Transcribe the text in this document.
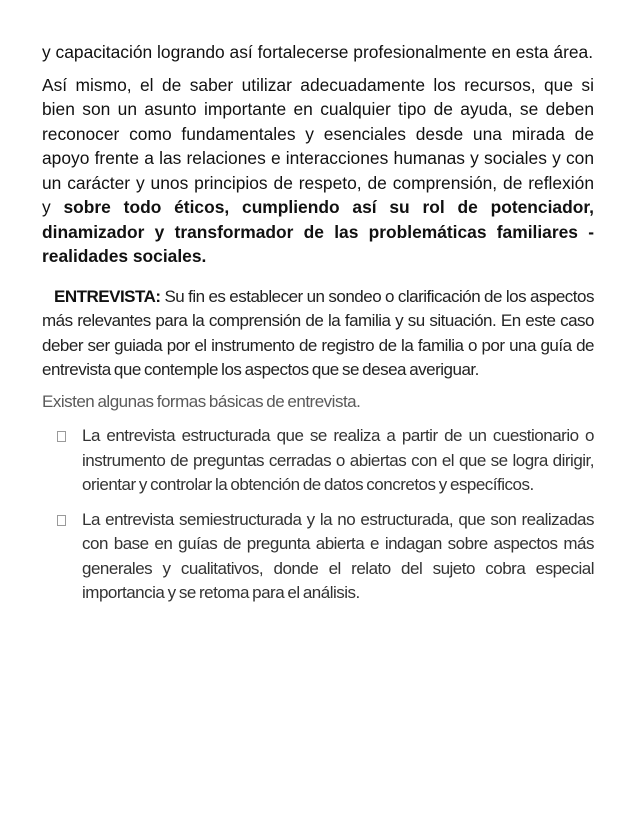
y capacitación logrando así fortalecerse profesionalmente en esta área.

Así mismo, el de saber utilizar adecuadamente los recursos, que si bien son un asunto importante en cualquier tipo de ayuda, se deben reconocer como fundamentales y esenciales desde una mirada de apoyo frente a las relaciones e interacciones humanas y sociales y con un carácter y unos principios de respeto, de comprensión, de reflexión y sobre todo éticos, cumpliendo así su rol de potenciador, dinamizador y transformador de las problemáticas familiares - realidades sociales.

ENTREVISTA: Su fin es establecer un sondeo o clarificación de los aspectos más relevantes para la comprensión de la familia y su situación. En este caso deber ser guiada por el instrumento de registro de la familia o por una guía de entrevista que contemple los aspectos que se desea averiguar.

Existen algunas formas básicas de entrevista.

La entrevista estructurada que se realiza a partir de un cuestionario o instrumento de preguntas cerradas o abiertas con el que se logra dirigir, orientar y controlar la obtención de datos concretos y específicos.
La entrevista semiestructurada y la no estructurada, que son realizadas con base en guías de pregunta abierta e indagan sobre aspectos más generales y cualitativos, donde el relato del sujeto cobra especial importancia y se retoma para el análisis.
